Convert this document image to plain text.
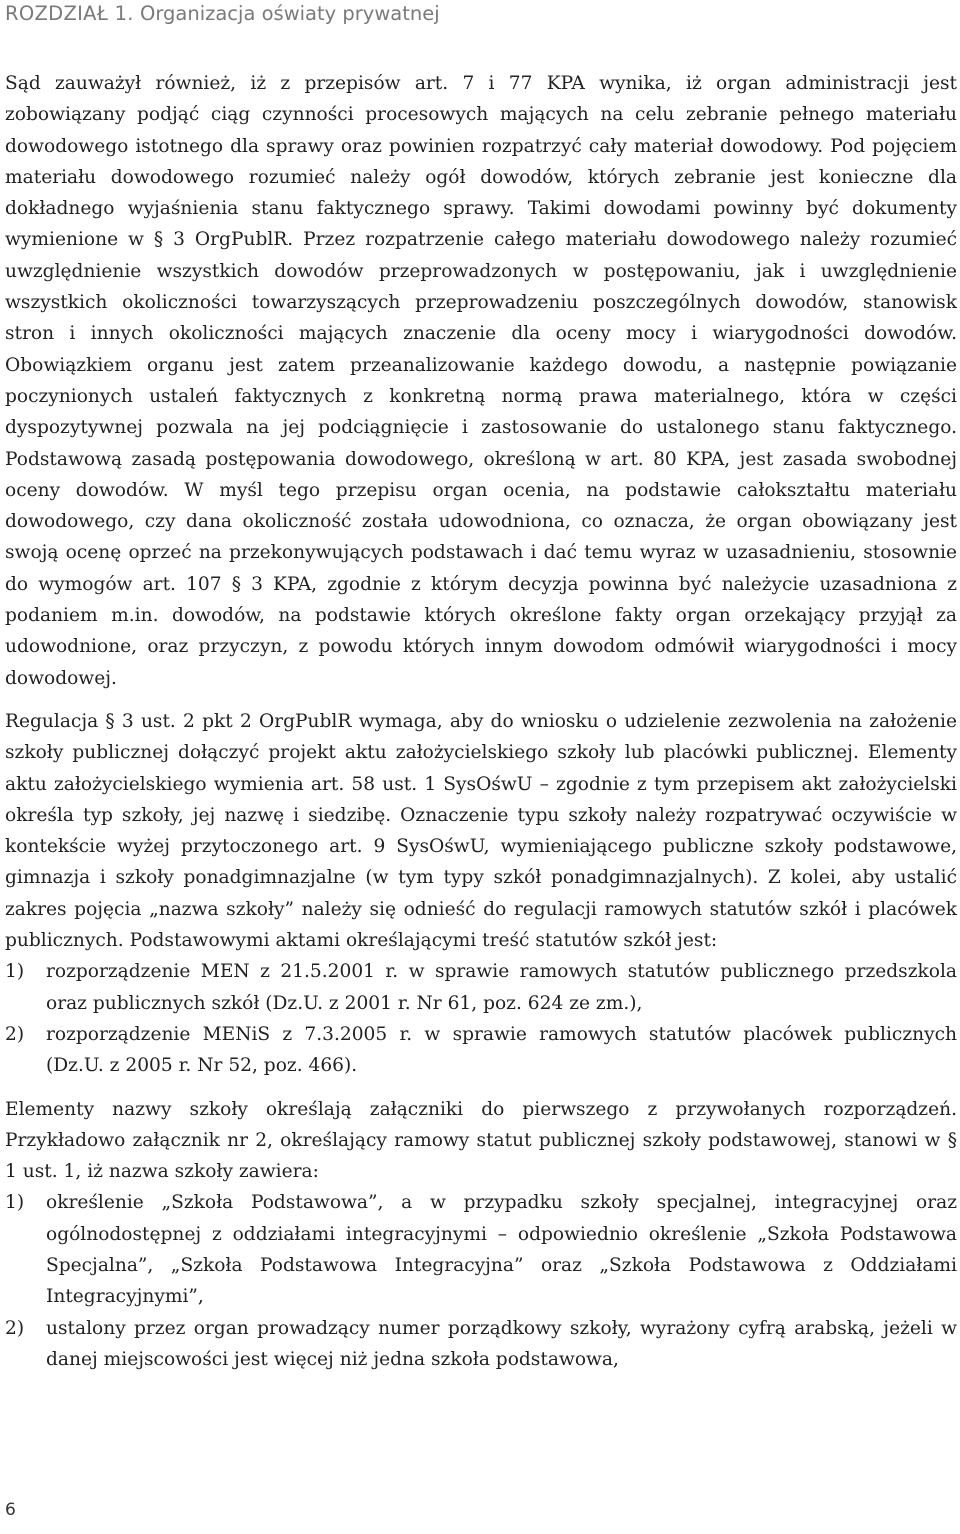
ROZDZIAŁ 1. Organizacja oświaty prywatnej

Sąd zauważył również, iż z przepisów art. 7 i 77 KPA wynika, iż organ administracji jest zobowiązany podjąć ciąg czynności procesowych mających na celu zebranie pełnego materiału dowodowego istotnego dla sprawy oraz powinien rozpatrzyć cały materiał dowodowy. Pod pojęciem materiału dowodowego rozumieć należy ogół dowodów, których zebranie jest konieczne dla dokładnego wyjaśnienia stanu faktycznego sprawy. Takimi dowodami powinny być dokumenty wymienione w § 3 OrgPublR. Przez rozpatrzenie całego materiału dowodowego należy rozumieć uwzględnienie wszystkich dowodów przeprowadzonych w postępowaniu, jak i uwzględnienie wszystkich okoliczności towarzyszących przeprowadzeniu poszczególnych dowodów, stanowisk stron i innych okoliczności mających znaczenie dla oceny mocy i wiarygodności dowodów. Obowiązkiem organu jest zatem przeanalizowanie każdego dowodu, a następnie powiązanie poczynionych ustaleń faktycznych z konkretną normą prawa materialnego, która w części dyspozytywnej pozwala na jej podciągnięcie i zastosowanie do ustalonego stanu faktycznego. Podstawową zasadą postępowania dowodowego, określoną w art. 80 KPA, jest zasada swobodnej oceny dowodów. W myśl tego przepisu organ ocenia, na podstawie całokształtu materiału dowodowego, czy dana okoliczność została udowodniona, co oznacza, że organ obowiązany jest swoją ocenę oprzeć na przekonywujących podstawach i dać temu wyraz w uzasadnieniu, stosownie do wymogów art. 107 § 3 KPA, zgodnie z którym decyzja powinna być należycie uzasadniona z podaniem m.in. dowodów, na podstawie których określone fakty organ orzekający przyjął za udowodnione, oraz przyczyn, z powodu których innym dowodom odmówił wiarygodności i mocy dowodowej.

Regulacja § 3 ust. 2 pkt 2 OrgPublR wymaga, aby do wniosku o udzielenie zezwolenia na założenie szkoły publicznej dołączyć projekt aktu założycielskiego szkoły lub placówki publicznej. Elementy aktu założycielskiego wymienia art. 58 ust. 1 SysOśwU – zgodnie z tym przepisem akt założycielski określa typ szkoły, jej nazwę i siedzibę. Oznaczenie typu szkoły należy rozpatrywać oczywiście w kontekście wyżej przytoczonego art. 9 SysOśwU, wymieniającego publiczne szkoły podstawowe, gimnazja i szkoły ponadgimnazjalne (w tym typy szkół ponadgimnazjalnych). Z kolei, aby ustalić zakres pojęcia „nazwa szkoły” należy się odnieść do regulacji ramowych statutów szkół i placówek publicznych. Podstawowymi aktami określającymi treść statutów szkół jest:

1)	rozporządzenie MEN z 21.5.2001 r. w sprawie ramowych statutów publicznego przedszkola oraz publicznych szkół (Dz.U. z 2001 r. Nr 61, poz. 624 ze zm.),
2)	rozporządzenie MENiS z 7.3.2005 r. w sprawie ramowych statutów placówek publicznych (Dz.U. z 2005 r. Nr 52, poz. 466).

Elementy nazwy szkoły określają załączniki do pierwszego z przywołanych rozporządzeń. Przykładowo załącznik nr 2, określający ramowy statut publicznej szkoły podstawowej, stanowi w § 1 ust. 1, iż nazwa szkoły zawiera:

1)	określenie „Szkoła Podstawowa”, a w przypadku szkoły specjalnej, integracyjnej oraz ogólnodostępnej z oddziałami integracyjnymi – odpowiednio określenie „Szkoła Podstawowa Specjalna”, „Szkoła Podstawowa Integracyjna” oraz „Szkoła Podstawowa z Oddziałami Integracyjnymi”,
2)	ustalony przez organ prowadzący numer porządkowy szkoły, wyrażony cyfrą arabską, jeżeli w danej miejscowości jest więcej niż jedna szkoła podstawowa,
6
